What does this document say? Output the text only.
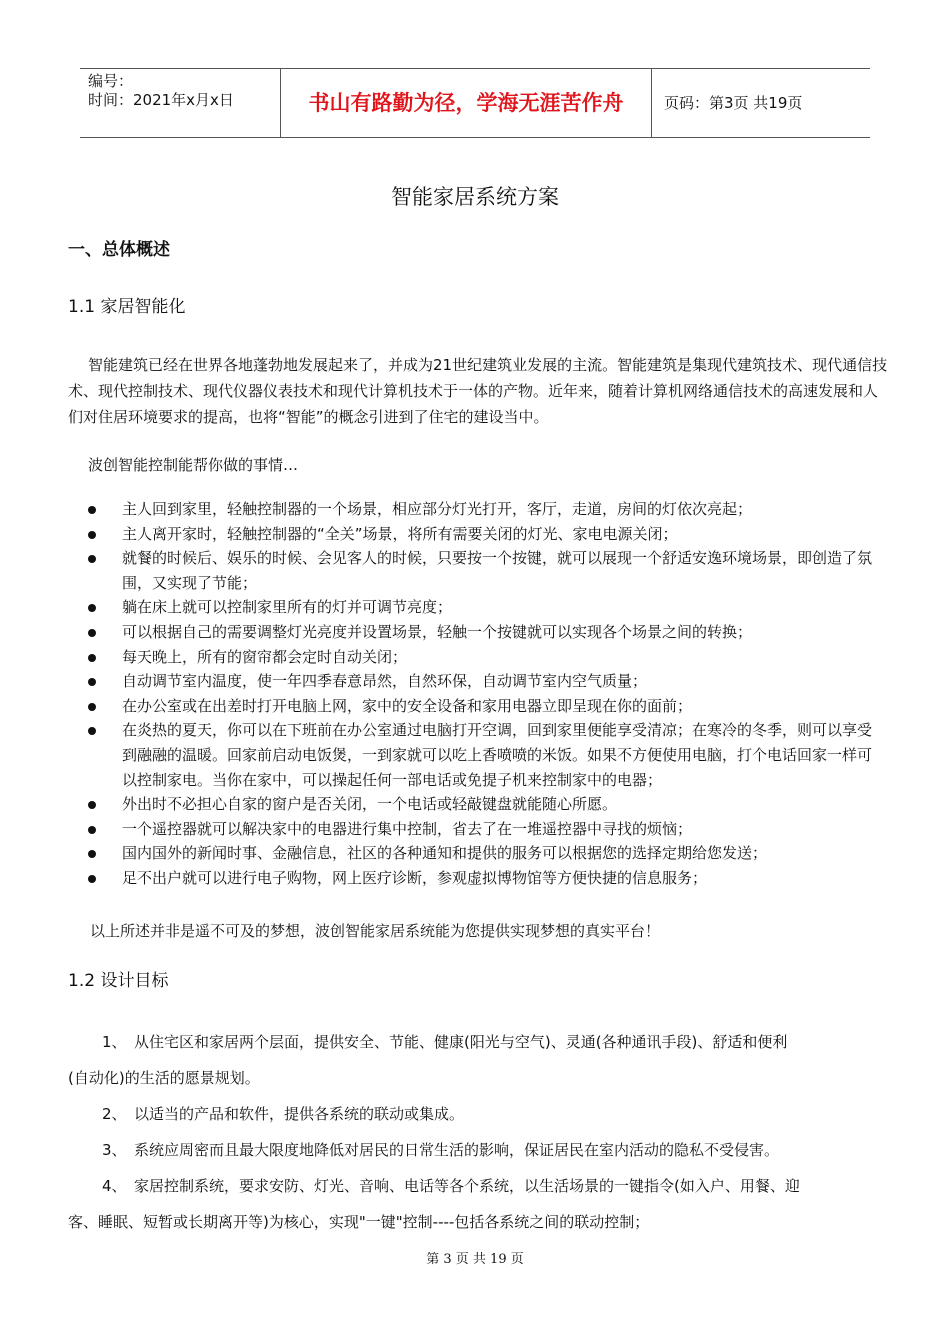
编号：
时间：2021年x月x日	书山有路勤为径，学海无涯苦作舟	页码：第3页 共19页
智能家居系统方案
一、总体概述
1.1 家居智能化
智能建筑已经在世界各地蓬勃地发展起来了，并成为21世纪建筑业发展的主流。智能建筑是集现代建筑技术、现代通信技术、现代控制技术、现代仪器仪表技术和现代计算机技术于一体的产物。近年来，随着计算机网络通信技术的高速发展和人们对住居环境要求的提高，也将“智能”的概念引进到了住宅的建设当中。
波创智能控制能帮你做的事情…
主人回到家里，轻触控制器的一个场景，相应部分灯光打开，客厅，走道，房间的灯依次亮起；
主人离开家时，轻触控制器的“全关”场景，将所有需要关闭的灯光、家电电源关闭；
就餐的时候后、娱乐的时候、会见客人的时候，只要按一个按键，就可以展现一个舒适安逸环境场景，即创造了氛围，又实现了节能；
躺在床上就可以控制家里所有的灯并可调节亮度；
可以根据自己的需要调整灯光亮度并设置场景，轻触一个按键就可以实现各个场景之间的转换；
每天晚上，所有的窗帘都会定时自动关闭；
自动调节室内温度，使一年四季春意昂然，自然环保，自动调节室内空气质量；
在办公室或在出差时打开电脑上网，家中的安全设备和家用电器立即呈现在你的面前；
在炎热的夏天，你可以在下班前在办公室通过电脑打开空调，回到家里便能享受清凉；在寒冷的冬季，则可以享受到融融的温暖。回家前启动电饭煲，一到家就可以吃上香喷喷的米饭。如果不方便使用电脑，打个电话回家一样可以控制家电。当你在家中，可以操起任何一部电话或免提子机来控制家中的电器；
外出时不必担心自家的窗户是否关闭，一个电话或轻敲键盘就能随心所愿。
一个遥控器就可以解决家中的电器进行集中控制，省去了在一堆遥控器中寻找的烦恼；
国内国外的新闻时事、金融信息，社区的各种通知和提供的服务可以根据您的选择定期给您发送；
足不出户就可以进行电子购物，网上医疗诊断，参观虚拟博物馆等方便快捷的信息服务；
以上所述并非是遥不可及的梦想，波创智能家居系统能为您提供实现梦想的真实平台！
1.2 设计目标
1、 从住宅区和家居两个层面，提供安全、节能、健康(阳光与空气)、灵通(各种通讯手段)、舒适和便利
(自动化)的生活的愿景规划。
2、 以适当的产品和软件，提供各系统的联动或集成。
3、 系统应周密而且最大限度地降低对居民的日常生活的影响，保证居民在室内活动的隐私不受侵害。
4、 家居控制系统，要求安防、灯光、音响、电话等各个系统，以生活场景的一键指令(如入户、用餐、迎
客、睡眠、短暂或长期离开等)为核心，实现"一键"控制----包括各系统之间的联动控制；
第 3 页 共 19 页
